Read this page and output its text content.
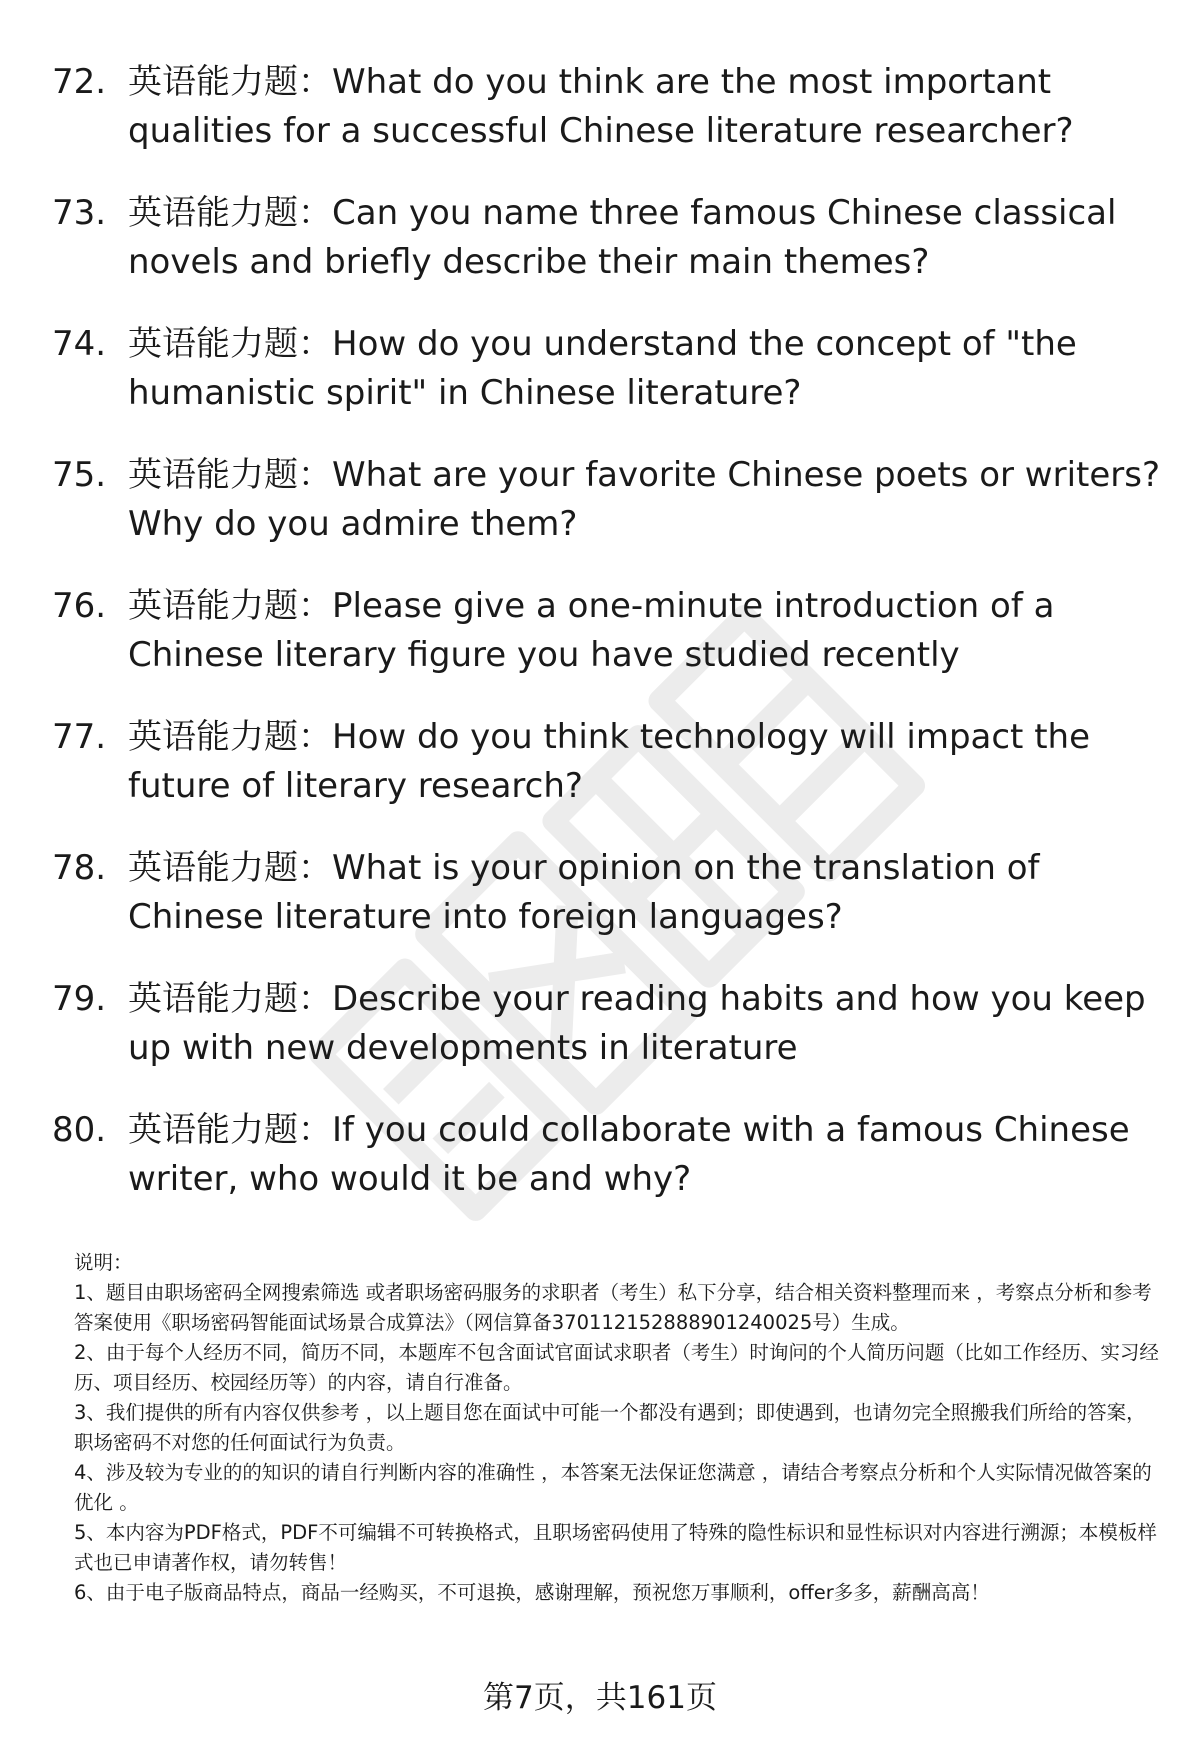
72. 英语能力题：What do you think are the most important qualities for a successful Chinese literature researcher?
73. 英语能力题：Can you name three famous Chinese classical novels and briefly describe their main themes?
74. 英语能力题：How do you understand the concept of "the humanistic spirit" in Chinese literature?
75. 英语能力题：What are your favorite Chinese poets or writers? Why do you admire them?
76. 英语能力题：Please give a one-minute introduction of a Chinese literary figure you have studied recently
77. 英语能力题：How do you think technology will impact the future of literary research?
78. 英语能力题：What is your opinion on the translation of Chinese literature into foreign languages?
79. 英语能力题：Describe your reading habits and how you keep up with new developments in literature
80. 英语能力题：If you could collaborate with a famous Chinese writer, who would it be and why?

说明：

1、题目由职场密码全网搜索筛选 或者职场密码服务的求职者（考生）私下分享，结合相关资料整理而来 ，考察点分析和参考答案使用《职场密码智能面试场景合成算法》（网信算备370112152888901240025号）生成。

2、由于每个人经历不同，简历不同，本题库不包含面试官面试求职者（考生）时询问的个人简历问题（比如工作经历、实习经历、项目经历、校园经历等）的内容，请自行准备。

3、我们提供的所有内容仅供参考 ，以上题目您在面试中可能一个都没有遇到；即使遇到，也请勿完全照搬我们所给的答案，职场密码不对您的任何面试行为负责。

4、涉及较为专业的的知识的请自行判断内容的准确性 ，本答案无法保证您满意 ，请结合考察点分析和个人实际情况做答案的优化 。

5、本内容为PDF格式，PDF不可编辑不可转换格式，且职场密码使用了特殊的隐性标识和显性标识对内容进行溯源；本模板样式也已申请著作权，请勿转售！

6、由于电子版商品特点，商品一经购买，不可退换，感谢理解，预祝您万事顺利，offer多多，薪酬高高！

第7页，共161页
